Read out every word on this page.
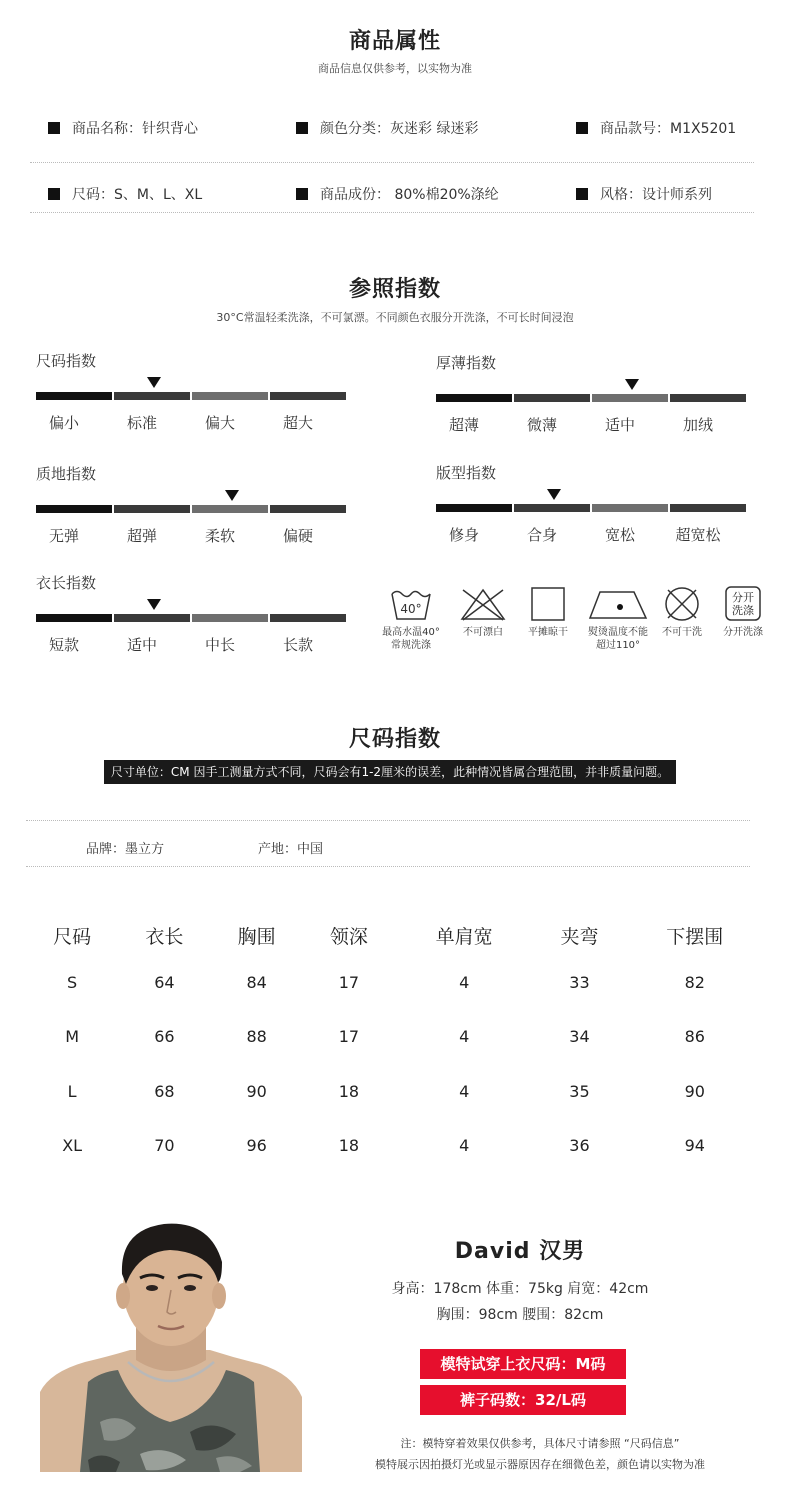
商品属性
商品信息仅供参考，以实物为准
商品名称：针织背心	颜色分类：灰迷彩 绿迷彩	商品款号：M1X5201
尺码：S、M、L、XL	商品成份： 80%棉20%涤纶	风格：设计师系列
参照指数
30°C常温轻柔洗涤，不可氯漂。不同颜色衣服分开洗涤，不可长时间浸泡
尺码指数
偏小	标准	偏大	超大
厚薄指数
超薄	微薄	适中	加绒
质地指数
无弹	超弹	柔软	偏硬
版型指数
修身	合身	宽松	超宽松
衣长指数
短款	适中	中长	长款
40°
最高水温40°
常规洗涤
不可漂白	平摊晾干	熨烫温度不能
超过110°
不可干洗
分开
洗涤
分开洗涤
尺码指数
尺寸单位：CM 因手工测量方式不同，尺码会有1-2厘米的误差，此种情况皆属合理范围，并非质量问题。
品牌：墨立方	产地：中国
尺码	衣长	胸围	领深	单肩宽	夹弯	下摆围
S	64	84	17	4	33	82
M	66	88	17	4	34	86
L	68	90	18	4	35	90
XL	70	96	18	4	36	94
David 汉男
身高：178cm 体重：75kg 肩宽：42cm
胸围：98cm 腰围：82cm
模特试穿上衣尺码：M码
裤子码数：32/L码
注：模特穿着效果仅供参考，具体尺寸请参照 “尺码信息”
模特展示因拍摄灯光或显示器原因存在细微色差，颜色请以实物为准
